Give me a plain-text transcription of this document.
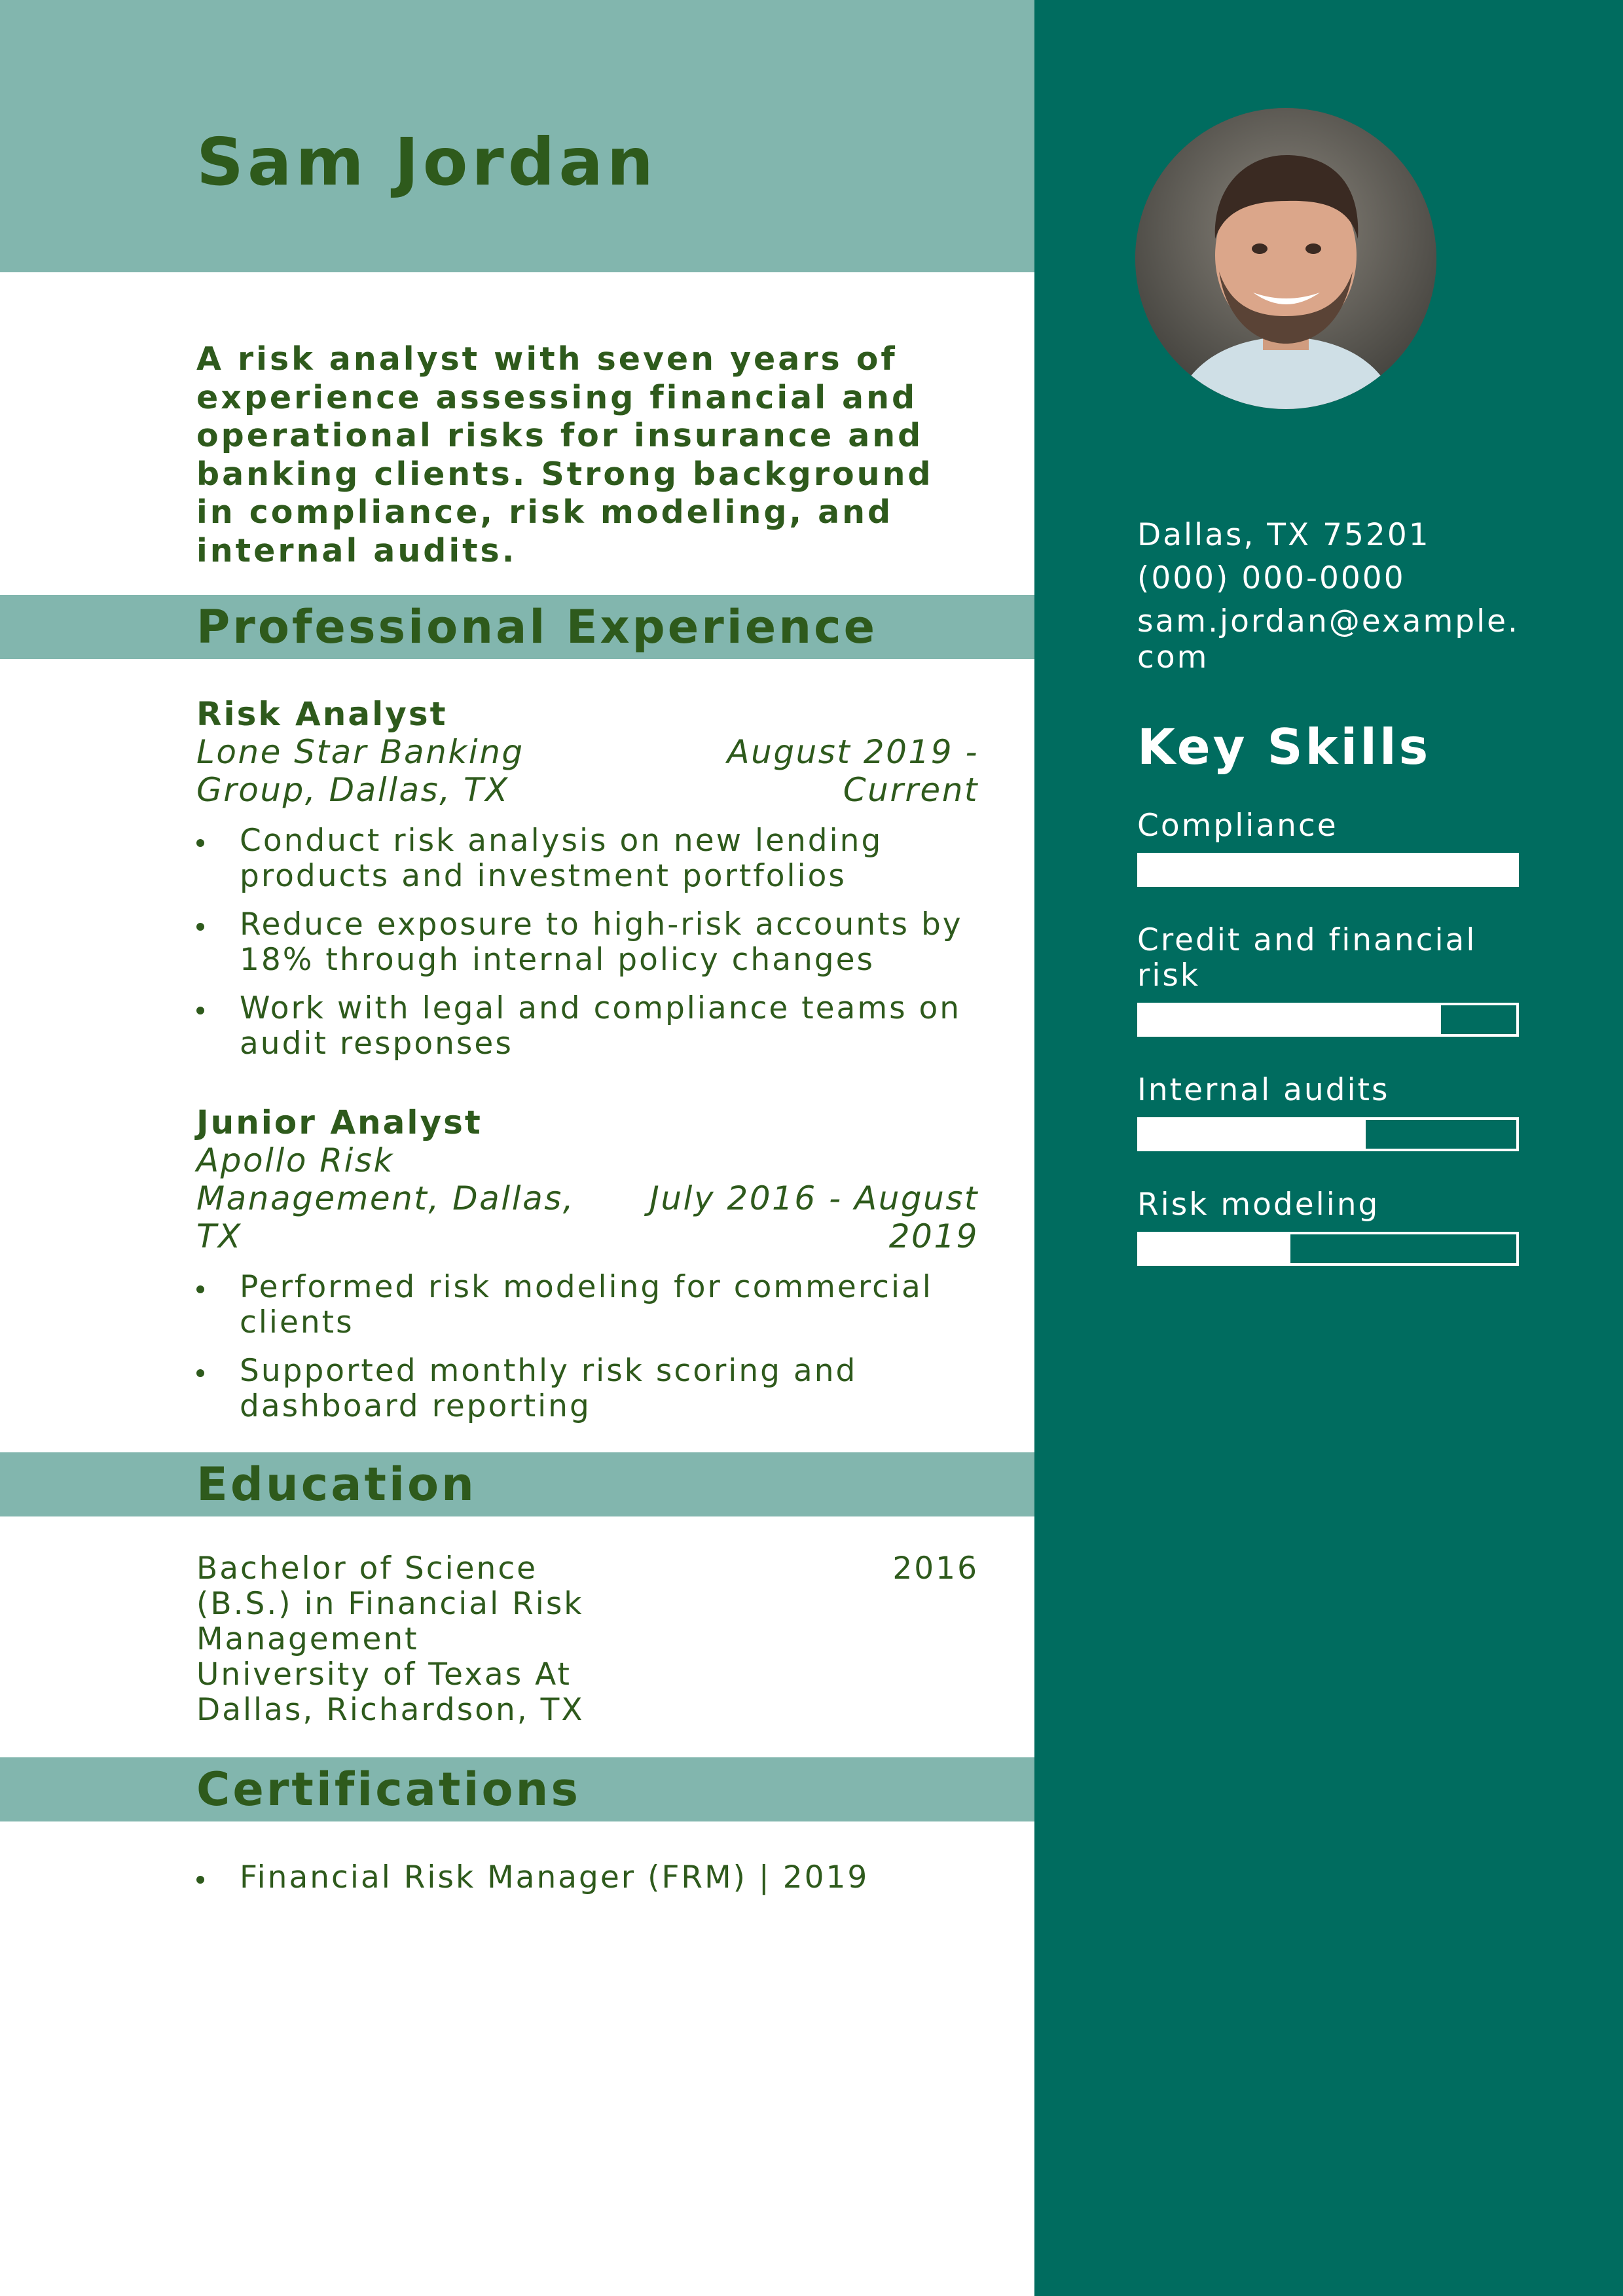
Sam Jordan

A risk analyst with seven years of experience assessing financial and operational risks for insurance and banking clients. Strong background in compliance, risk modeling, and internal audits.

Professional Experience
Risk Analyst
Lone Star Banking Group, Dallas, TX
August 2019 - Current
Conduct risk analysis on new lending products and investment portfolios
Reduce exposure to high-risk accounts by 18% through internal policy changes
Work with legal and compliance teams on audit responses
Junior Analyst
Apollo Risk Management, Dallas, TX
July 2016 - August 2019
Performed risk modeling for commercial clients
Supported monthly risk scoring and dashboard reporting
Education
Bachelor of Science (B.S.) in Financial Risk Management
University of Texas At Dallas, Richardson, TX
2016
Certifications
Financial Risk Manager (FRM) | 2019
Dallas, TX 75201
(000) 000-0000
sam.jordan@example.com
Key Skills
Compliance
Credit and financial risk
Internal audits
Risk modeling
